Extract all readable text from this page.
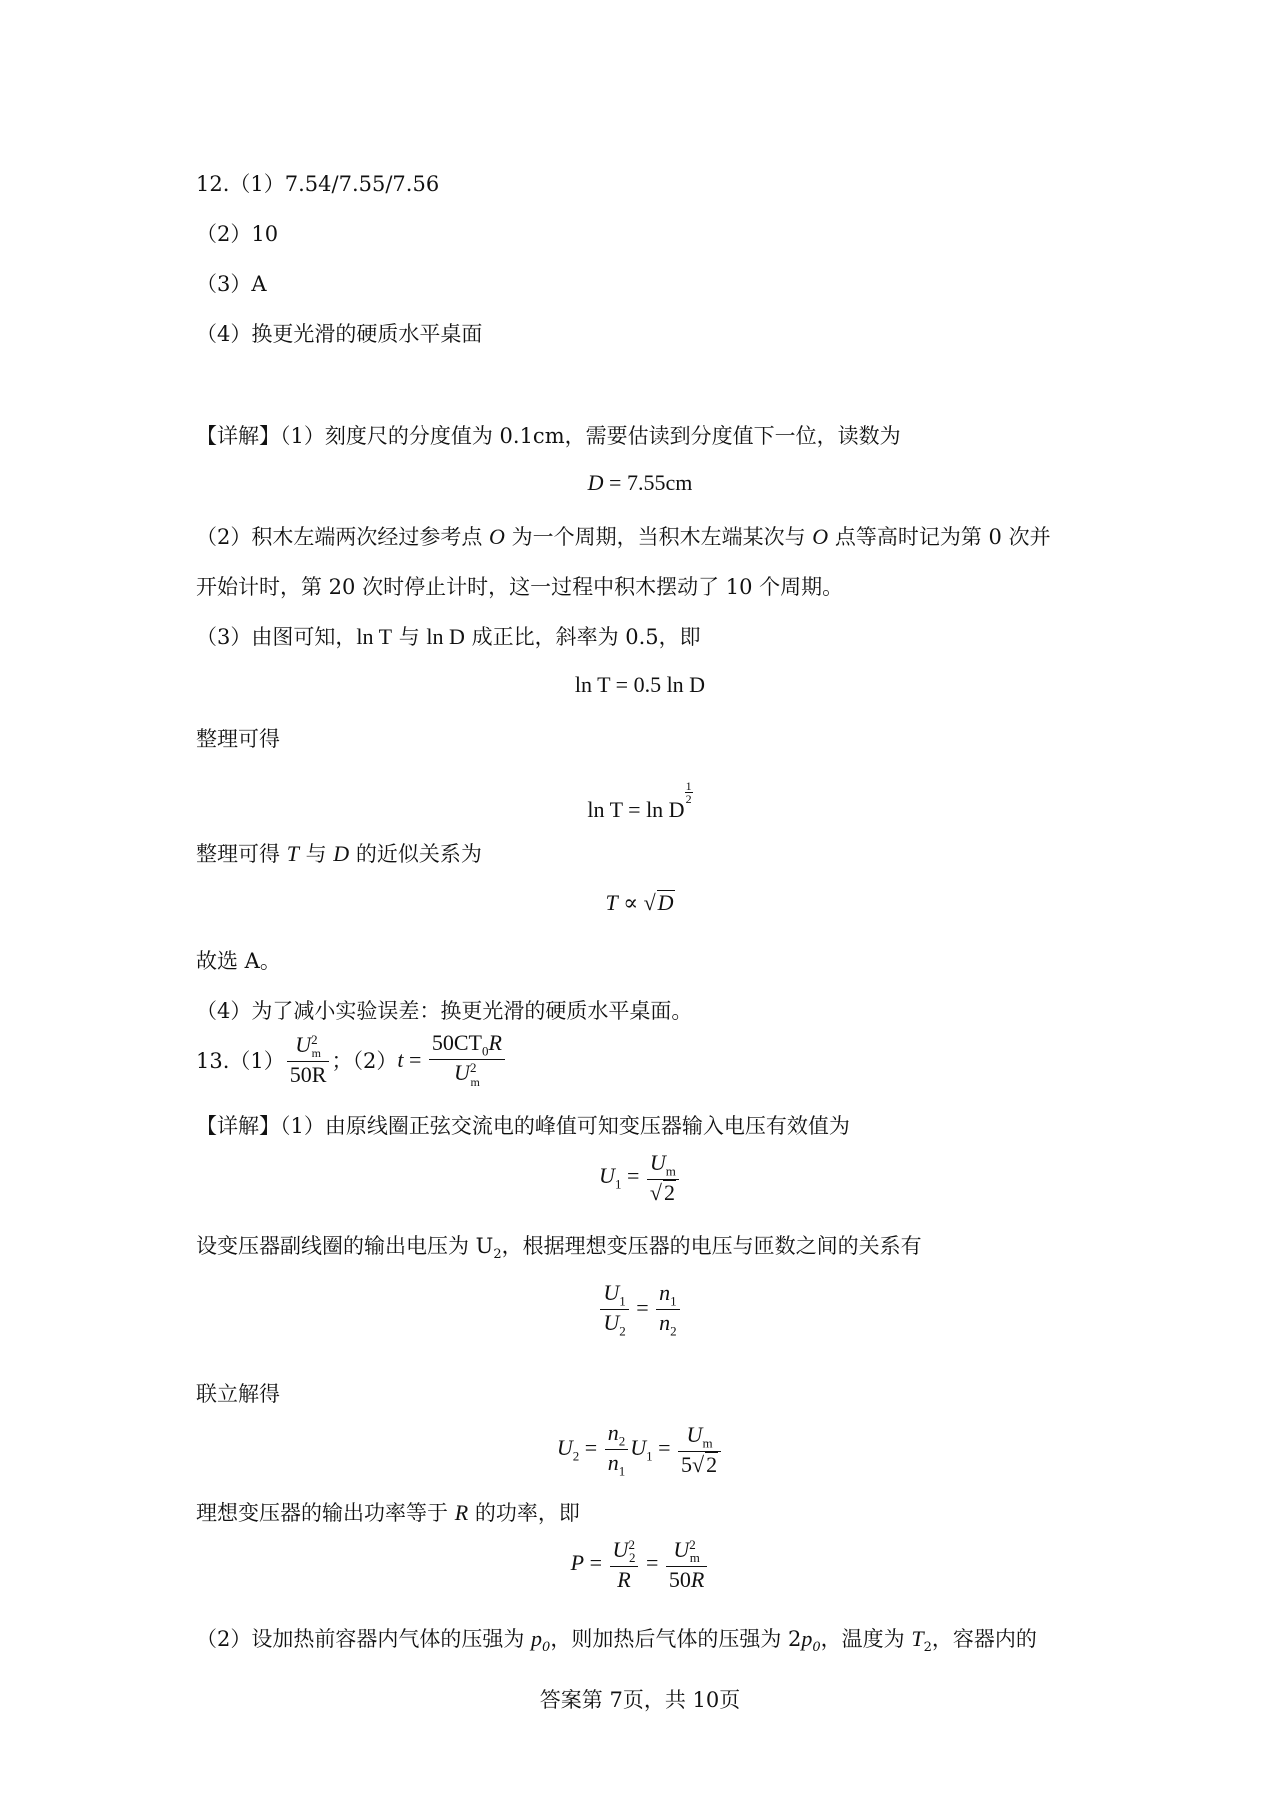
12.（1）7.54/7.55/7.56
（2）10
（3）A
（4）换更光滑的硬质水平桌面
【详解】（1）刻度尺的分度值为 0.1cm，需要估读到分度值下一位，读数为
D = 7.55cm
（2）积木左端两次经过参考点 O 为一个周期，当积木左端某次与 O 点等高时记为第 0 次并
开始计时，第 20 次时停止计时，这一过程中积木摆动了 10 个周期。
（3）由图可知，ln T 与 ln D 成正比，斜率为 0.5，即
ln T = 0.5 ln D
整理可得
ln T = ln D
$\frac{1}{2}$
整理可得 T 与 D 的近似关系为
T ∝ √D
故选 A。
（4）为了减小实验误差：换更光滑的硬质水平桌面。
$13.(1) \frac{U^2_m}{50R}$ ；$(2)t = \frac{50CT_0R}{U^2_m}$
【详解】（1）由原线圈正弦交流电的峰值可知变压器输入电压有效值为
$U_1 = \frac{U_m}{√2}$
设变压器副线圈的输出电压为 $U_2$，根据理想变压器的电压与匝数之间的关系有
$\frac{U_1}{U_2} = \frac{n_1}{n_2}$
联立解得
$U_2 = \frac{n_2}{n_1} U_1 = \frac{U_m}{5√2}$
理想变压器的输出功率等于 R 的功率，即
$P = \frac{U^2_2}{R} = \frac{U^2_m}{50R}$
（2）设加热前容器内气体的压强为 $p_0$，则加热后气体的压强为 $2p_0$，温度为 $T_2$，容器内的
答案第 7页，共 10页
